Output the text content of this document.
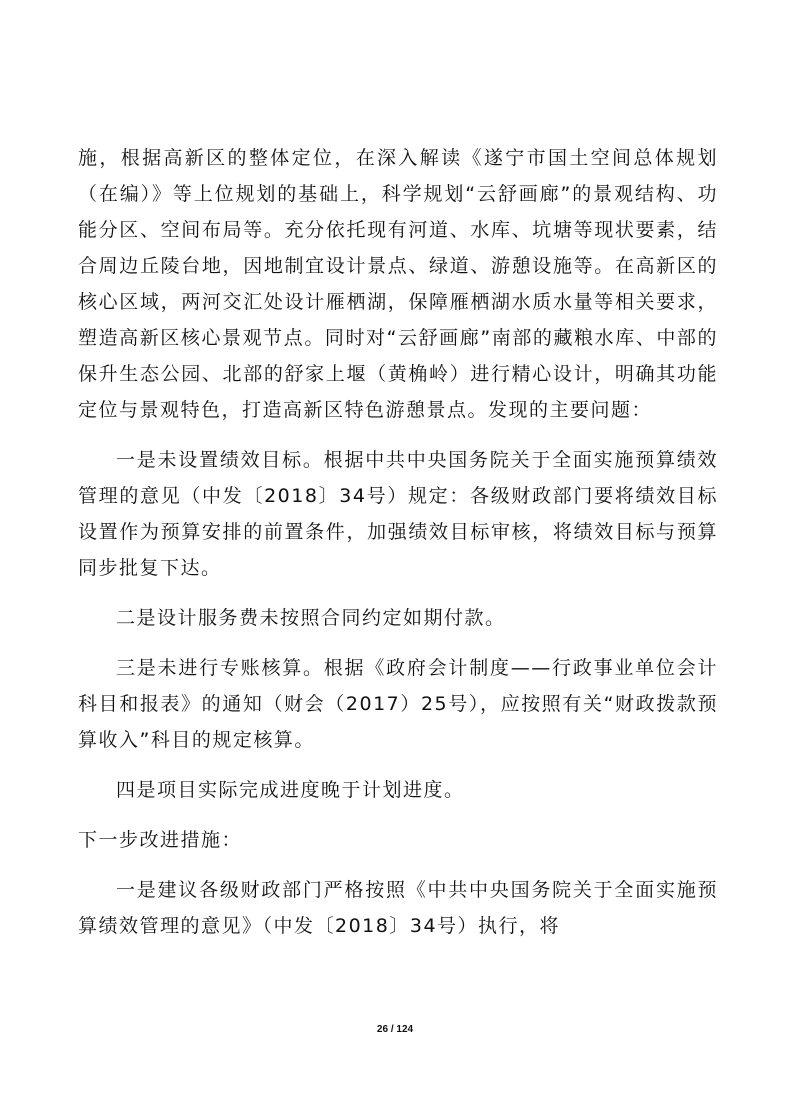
施，根据高新区的整体定位，在深入解读《遂宁市国土空间总体规划（在编）》等上位规划的基础上，科学规划“云舒画廊”的景观结构、功能分区、空间布局等。充分依托现有河道、水库、坑塘等现状要素，结合周边丘陵台地，因地制宜设计景点、绿道、游憩设施等。在高新区的核心区域，两河交汇处设计雁栖湖，保障雁栖湖水质水量等相关要求，塑造高新区核心景观节点。同时对“云舒画廊”南部的藏粮水库、中部的保升生态公园、北部的舒家上堰（黄桷岭）进行精心设计，明确其功能定位与景观特色，打造高新区特色游憩景点。发现的主要问题：

一是未设置绩效目标。根据中共中央国务院关于全面实施预算绩效管理的意见（中发〔2018〕34号）规定：各级财政部门要将绩效目标设置作为预算安排的前置条件，加强绩效目标审核，将绩效目标与预算同步批复下达。

二是设计服务费未按照合同约定如期付款。

三是未进行专账核算。根据《政府会计制度——行政事业单位会计科目和报表》的通知（财会（2017）25号），应按照有关“财政拨款预算收入”科目的规定核算。

四是项目实际完成进度晚于计划进度。

下一步改进措施：

一是建议各级财政部门严格按照《中共中央国务院关于全面实施预算绩效管理的意见》（中发〔2018〕34号）执行，将

26 / 124
